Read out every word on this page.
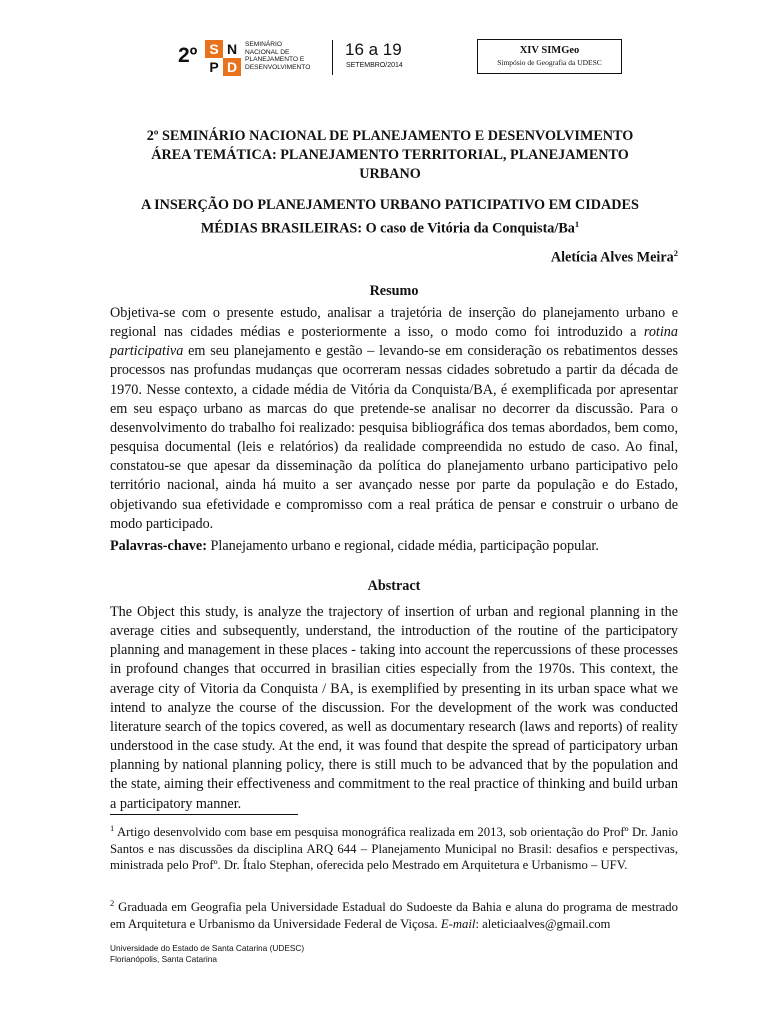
2º S N
P D
SEMINÁRIO
NACIONAL DE
PLANEJAMENTO E
DESENVOLVIMENTO
16 a 19
SETEMBRO/2014
XIV SIMGeo
Simpósio de Geografia da UDESC
2º SEMINÁRIO NACIONAL DE PLANEJAMENTO E DESENVOLVIMENTO
ÁREA TEMÁTICA: PLANEJAMENTO TERRITORIAL, PLANEJAMENTO
URBANO
A INSERÇÃO DO PLANEJAMENTO URBANO PATICIPATIVO EM CIDADES
MÉDIAS BRASILEIRAS: O caso de Vitória da Conquista/Ba$^1$
Aletícia Alves Meira$^2$
Resumo
Objetiva-se com o presente estudo, analisar a trajetória de inserção do planejamento urbano e regional nas cidades médias e posteriormente a isso, o modo como foi introduzido a rotina participativa em seu planejamento e gestão – levando-se em consideração os rebatimentos desses processos nas profundas mudanças que ocorreram nessas cidades sobretudo a partir da década de 1970. Nesse contexto, a cidade média de Vitória da Conquista/BA, é exemplificada por apresentar em seu espaço urbano as marcas do que pretende-se analisar no decorrer da discussão. Para o desenvolvimento do trabalho foi realizado: pesquisa bibliográfica dos temas abordados, bem como, pesquisa documental (leis e relatórios) da realidade compreendida no estudo de caso. Ao final, constatou-se que apesar da disseminação da política do planejamento urbano participativo pelo território nacional, ainda há muito a ser avançado nesse por parte da população e do Estado, objetivando sua efetividade e compromisso com a real prática de pensar e construir o urbano de modo participado.
Palavras-chave: Planejamento urbano e regional, cidade média, participação popular.
Abstract
The Object this study, is analyze the trajectory of insertion of urban and regional planning in the average cities and subsequently, understand, the introduction of the routine of the participatory planning and management in these places - taking into account the repercussions of these processes in profound changes that occurred in brasilian cities especially from the 1970s. This context, the average city of Vitoria da Conquista / BA, is exemplified by presenting in its urban space what we intend to analyze the course of the discussion. For the development of the work was conducted literature search of the topics covered, as well as documentary research (laws and reports) of reality understood in the case study. At the end, it was found that despite the spread of participatory urban planning by national planning policy, there is still much to be advanced that by the population and the state, aiming their effectiveness and commitment to the real practice of thinking and build urban a participatory manner.
$^1$ Artigo desenvolvido com base em pesquisa monográfica realizada em 2013, sob orientação do Profº Dr. Janio Santos e nas discussões da disciplina ARQ 644 – Planejamento Municipal no Brasil: desafios e perspectivas, ministrada pelo Profº. Dr. Ítalo Stephan, oferecida pelo Mestrado em Arquitetura e Urbanismo – UFV.
$^2$ Graduada em Geografia pela Universidade Estadual do Sudoeste da Bahia e aluna do programa de mestrado em Arquitetura e Urbanismo da Universidade Federal de Viçosa. E-mail: aleticiaalves@gmail.com
Universidade do Estado de Santa Catarina (UDESC)
Florianópolis, Santa Catarina
